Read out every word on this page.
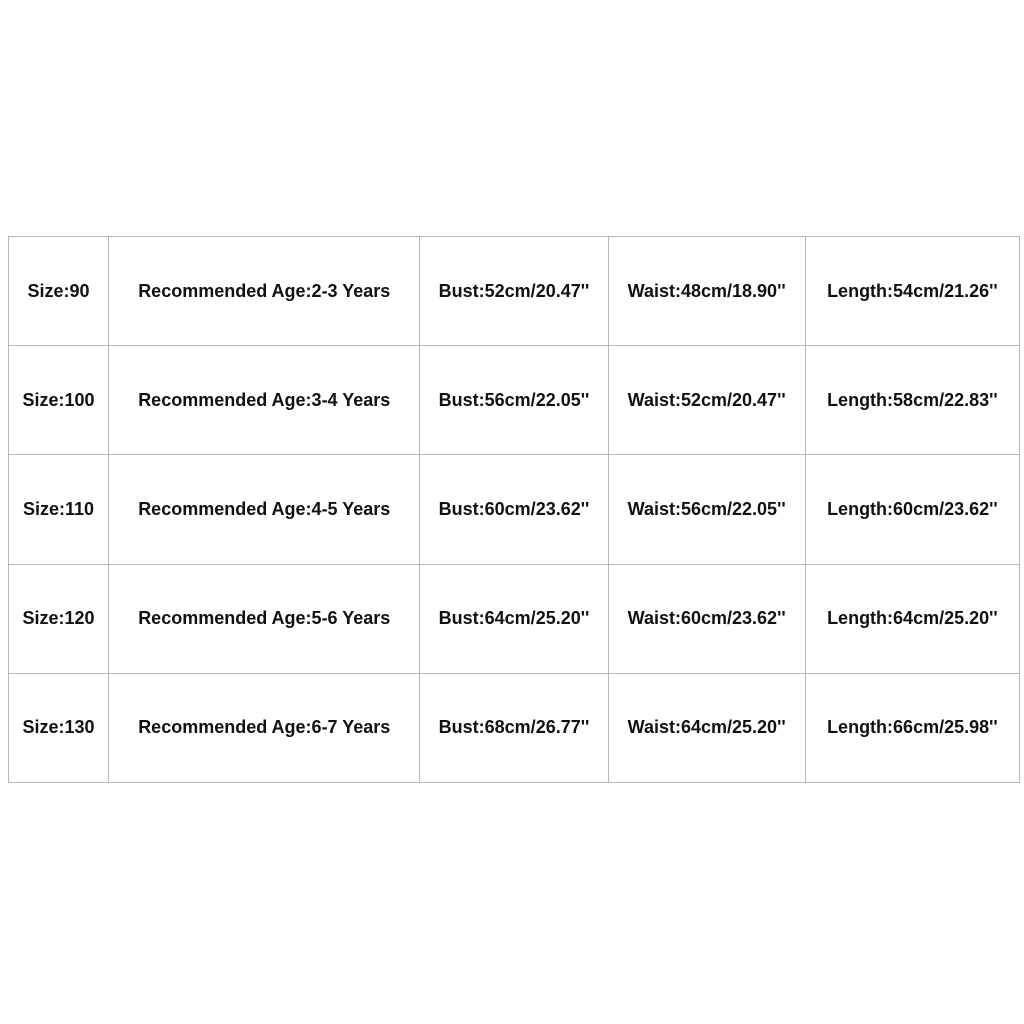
Size:90	Recommended Age:2-3 Years	Bust:52cm/20.47''	Waist:48cm/18.90''	Length:54cm/21.26''
Size:100	Recommended Age:3-4 Years	Bust:56cm/22.05''	Waist:52cm/20.47''	Length:58cm/22.83''
Size:110	Recommended Age:4-5 Years	Bust:60cm/23.62''	Waist:56cm/22.05''	Length:60cm/23.62''
Size:120	Recommended Age:5-6 Years	Bust:64cm/25.20''	Waist:60cm/23.62''	Length:64cm/25.20''
Size:130	Recommended Age:6-7 Years	Bust:68cm/26.77''	Waist:64cm/25.20''	Length:66cm/25.98''
